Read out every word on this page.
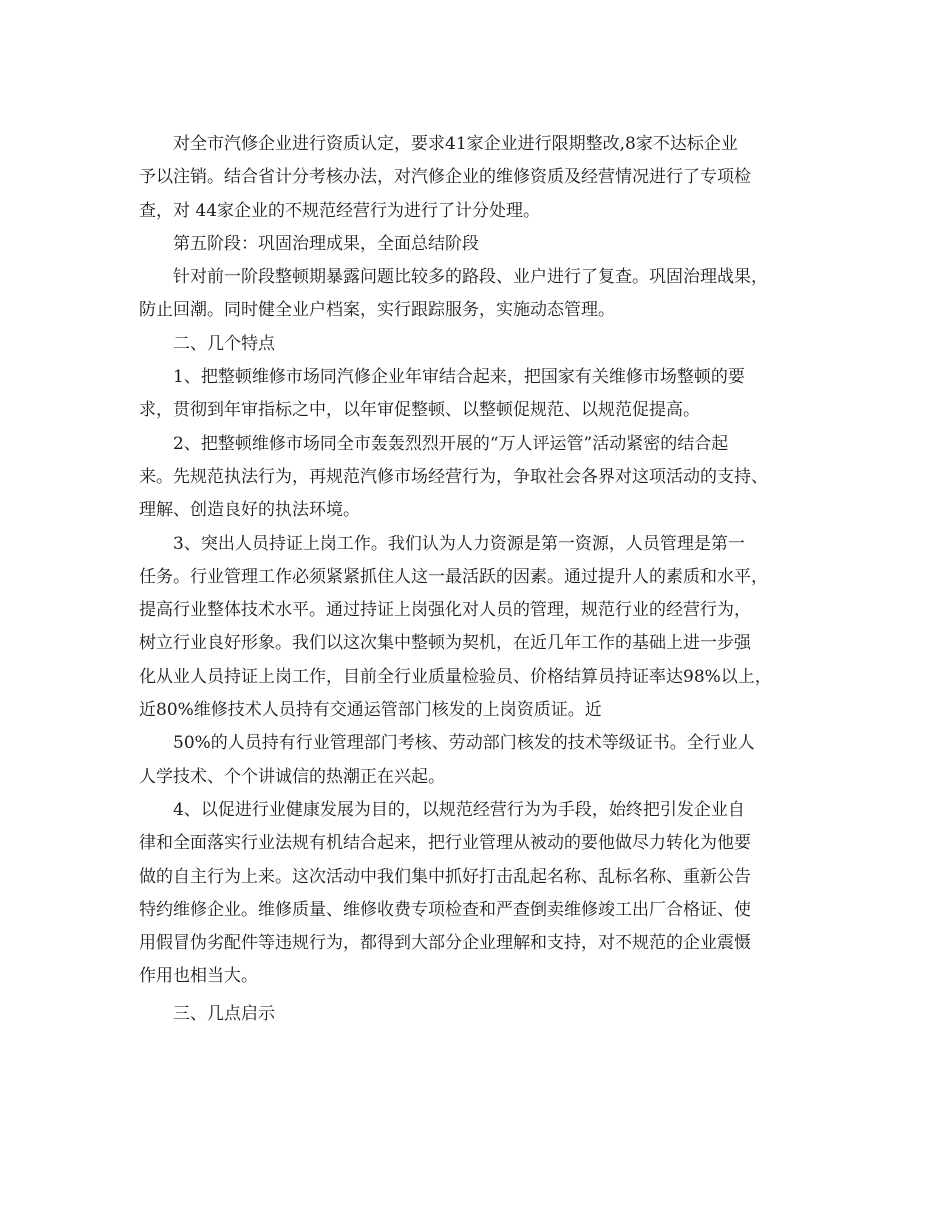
对全市汽修企业进行资质认定，要求41家企业进行限期整改,8家不达标企业
予以注销。结合省计分考核办法，对汽修企业的维修资质及经营情况进行了专项检
查，对 44家企业的不规范经营行为进行了计分处理。
第五阶段：巩固治理成果，全面总结阶段
针对前一阶段整顿期暴露问题比较多的路段、业户进行了复查。巩固治理战果，
防止回潮。同时健全业户档案，实行跟踪服务，实施动态管理。
二、几个特点
1、把整顿维修市场同汽修企业年审结合起来，把国家有关维修市场整顿的要
求，贯彻到年审指标之中，以年审促整顿、以整顿促规范、以规范促提高。
2、把整顿维修市场同全市轰轰烈烈开展的“万人评运管”活动紧密的结合起
来。先规范执法行为，再规范汽修市场经营行为，争取社会各界对这项活动的支持、
理解、创造良好的执法环境。
3、突出人员持证上岗工作。我们认为人力资源是第一资源，人员管理是第一
任务。行业管理工作必须紧紧抓住人这一最活跃的因素。通过提升人的素质和水平，
提高行业整体技术水平。通过持证上岗强化对人员的管理，规范行业的经营行为，
树立行业良好形象。我们以这次集中整顿为契机，在近几年工作的基础上进一步强
化从业人员持证上岗工作，目前全行业质量检验员、价格结算员持证率达98%以上，
近80%维修技术人员持有交通运管部门核发的上岗资质证。近
50%的人员持有行业管理部门考核、劳动部门核发的技术等级证书。全行业人
人学技术、个个讲诚信的热潮正在兴起。
4、以促进行业健康发展为目的，以规范经营行为为手段，始终把引发企业自
律和全面落实行业法规有机结合起来，把行业管理从被动的要他做尽力转化为他要
做的自主行为上来。这次活动中我们集中抓好打击乱起名称、乱标名称、重新公告
特约维修企业。维修质量、维修收费专项检查和严查倒卖维修竣工出厂合格证、使
用假冒伪劣配件等违规行为，都得到大部分企业理解和支持，对不规范的企业震慑
作用也相当大。
三、几点启示
